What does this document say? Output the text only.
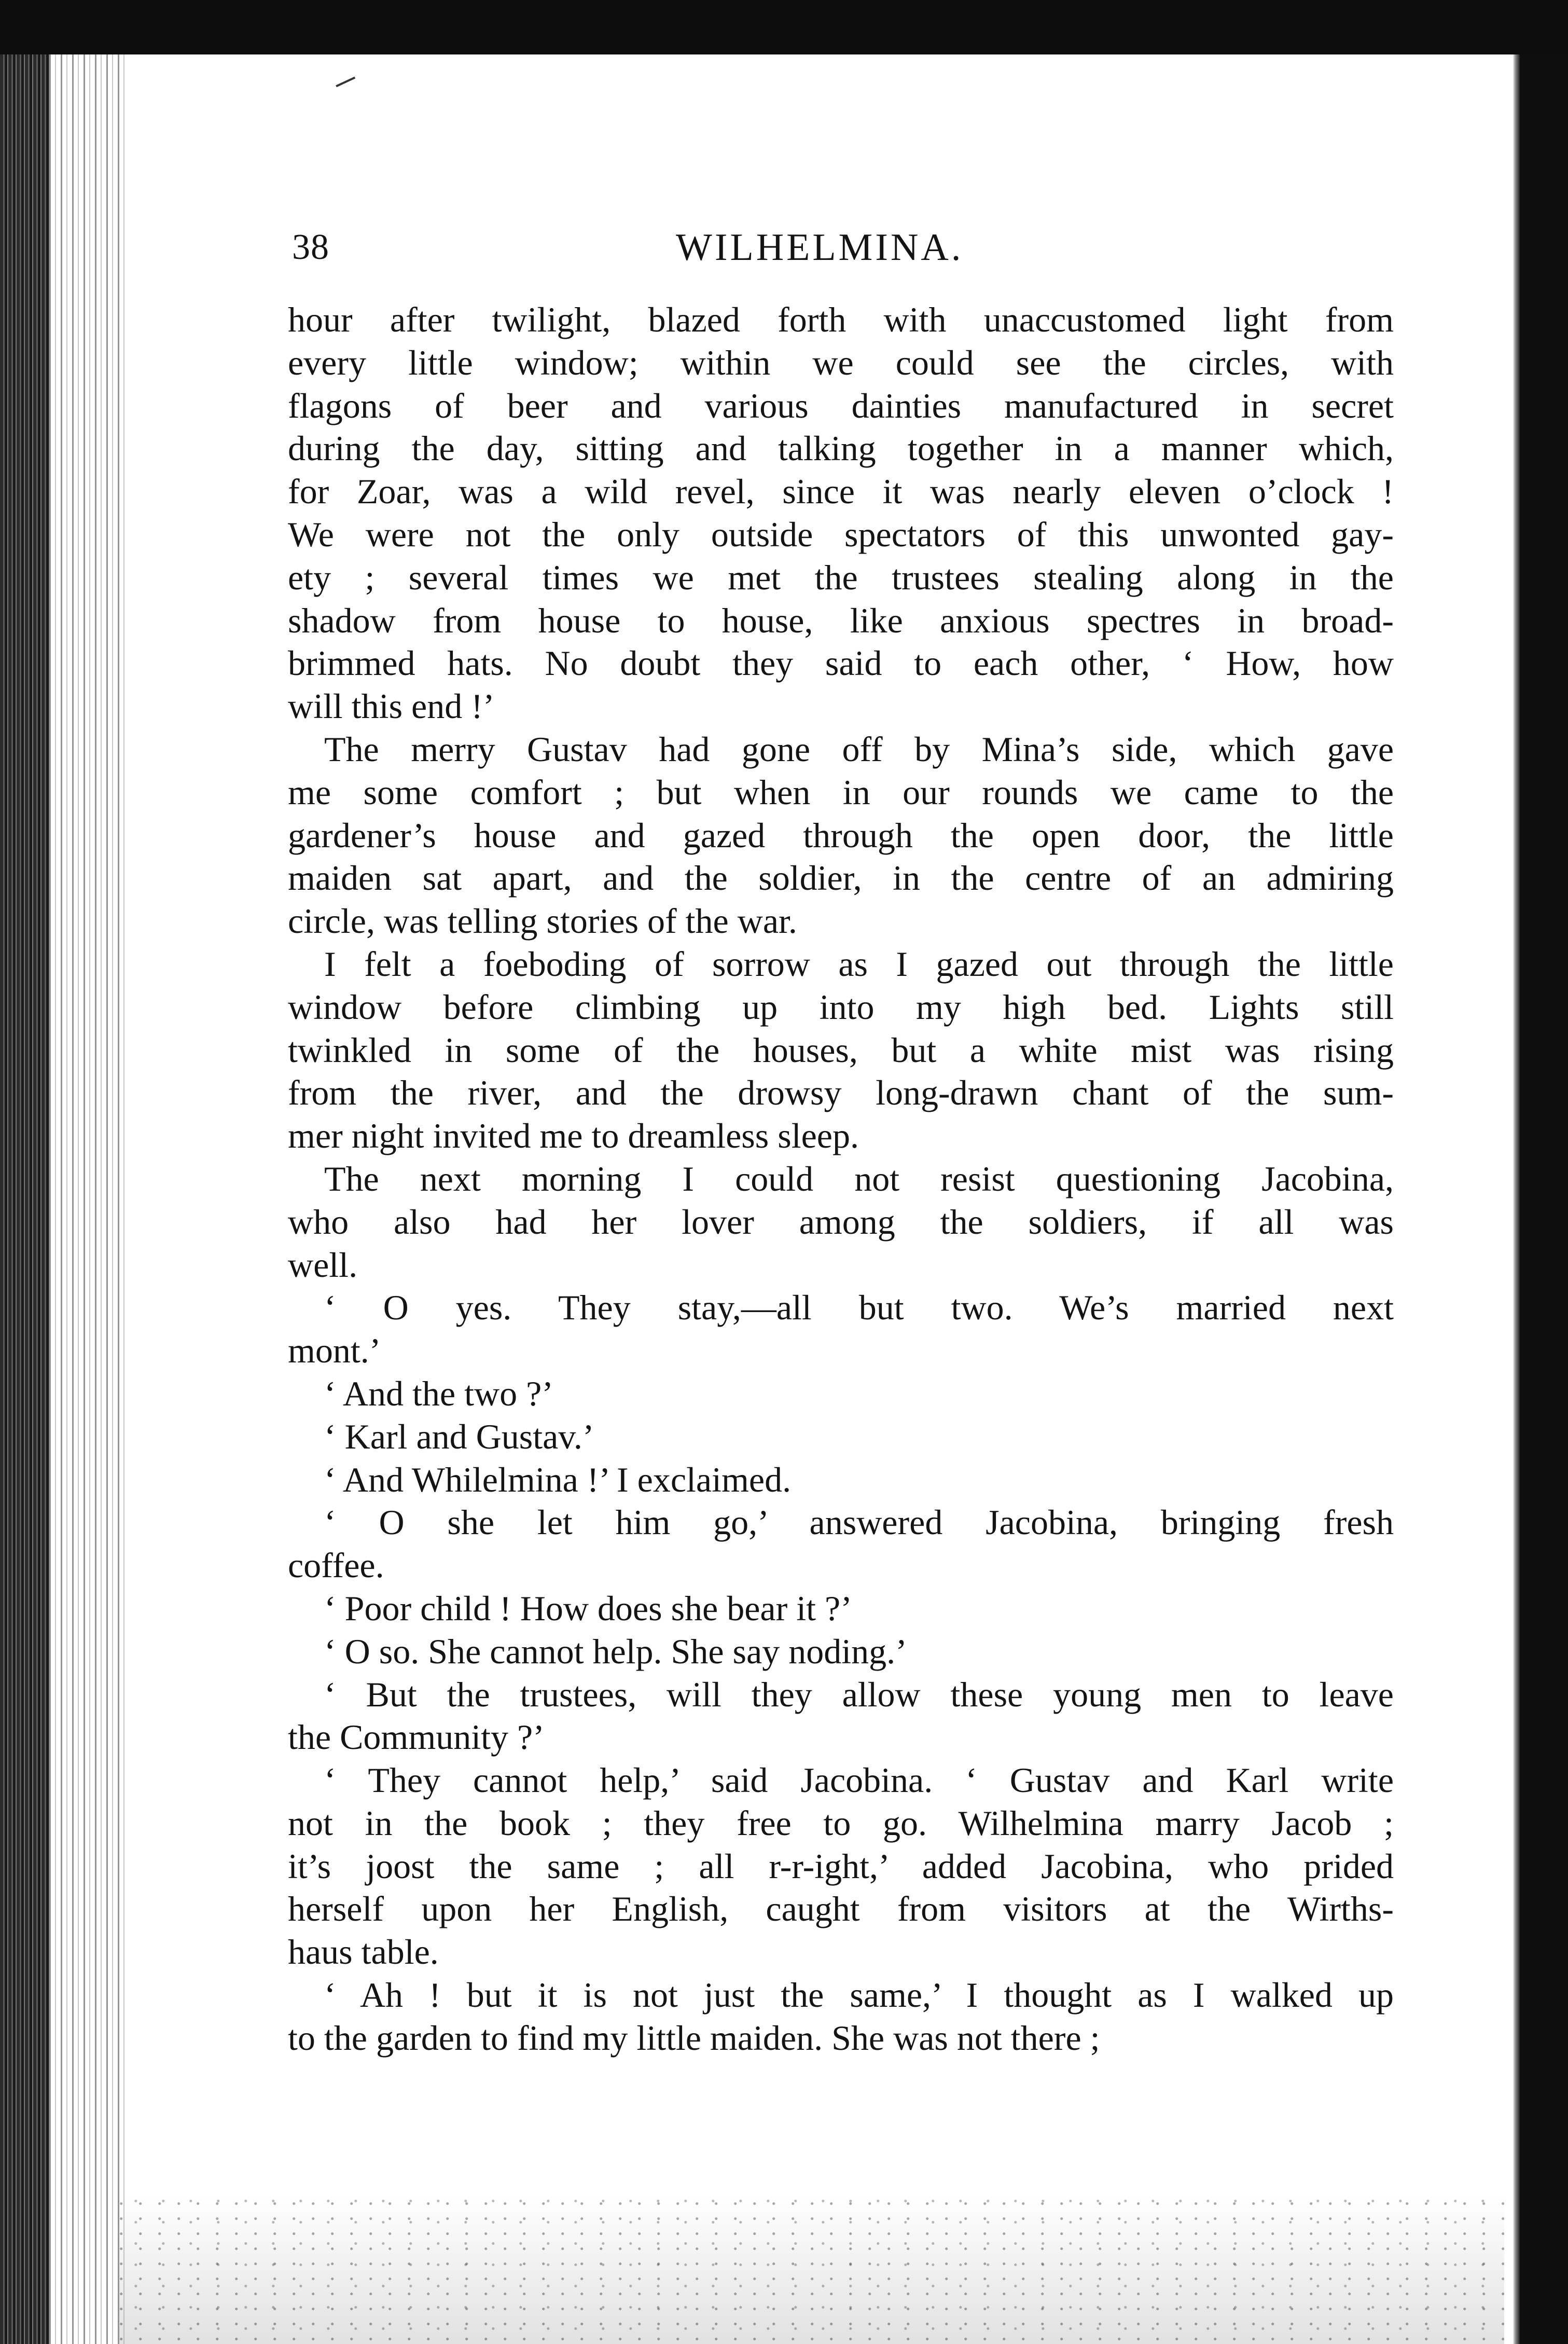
38	WILHELMINA.
hour after twilight, blazed forth with unaccustomed light from
every little window; within we could see the circles, with
flagons of beer and various dainties manufactured in secret
during the day, sitting and talking together in a manner which,
for Zoar, was a wild revel, since it was nearly eleven o’clock !
We were not the only outside spectators of this unwonted gay-
ety ; several times we met the trustees stealing along in the
shadow from house to house, like anxious spectres in broad-
brimmed hats. No doubt they said to each other, ‘ How, how
will this end !’
The merry Gustav had gone off by Mina’s side, which gave
me some comfort ; but when in our rounds we came to the
gardener’s house and gazed through the open door, the little
maiden sat apart, and the soldier, in the centre of an admiring
circle, was telling stories of the war.
I felt a foeboding of sorrow as I gazed out through the little
window before climbing up into my high bed. Lights still
twinkled in some of the houses, but a white mist was rising
from the river, and the drowsy long-drawn chant of the sum-
mer night invited me to dreamless sleep.
The next morning I could not resist questioning Jacobina,
who also had her lover among the soldiers, if all was
well.
‘ O yes. They stay,—all but two. We’s married next
mont.’
‘ And the two ?’
‘ Karl and Gustav.’
‘ And Whilelmina !’ I exclaimed.
‘ O she let him go,’ answered Jacobina, bringing fresh
coffee.
‘ Poor child ! How does she bear it ?’
‘ O so. She cannot help. She say noding.’
‘ But the trustees, will they allow these young men to leave
the Community ?’
‘ They cannot help,’ said Jacobina. ‘ Gustav and Karl write
not in the book ; they free to go. Wilhelmina marry Jacob ;
it’s joost the same ; all r-r-ight,’ added Jacobina, who prided
herself upon her English, caught from visitors at the Wirths-
haus table.
‘ Ah ! but it is not just the same,’ I thought as I walked up
to the garden to find my little maiden. She was not there ;
